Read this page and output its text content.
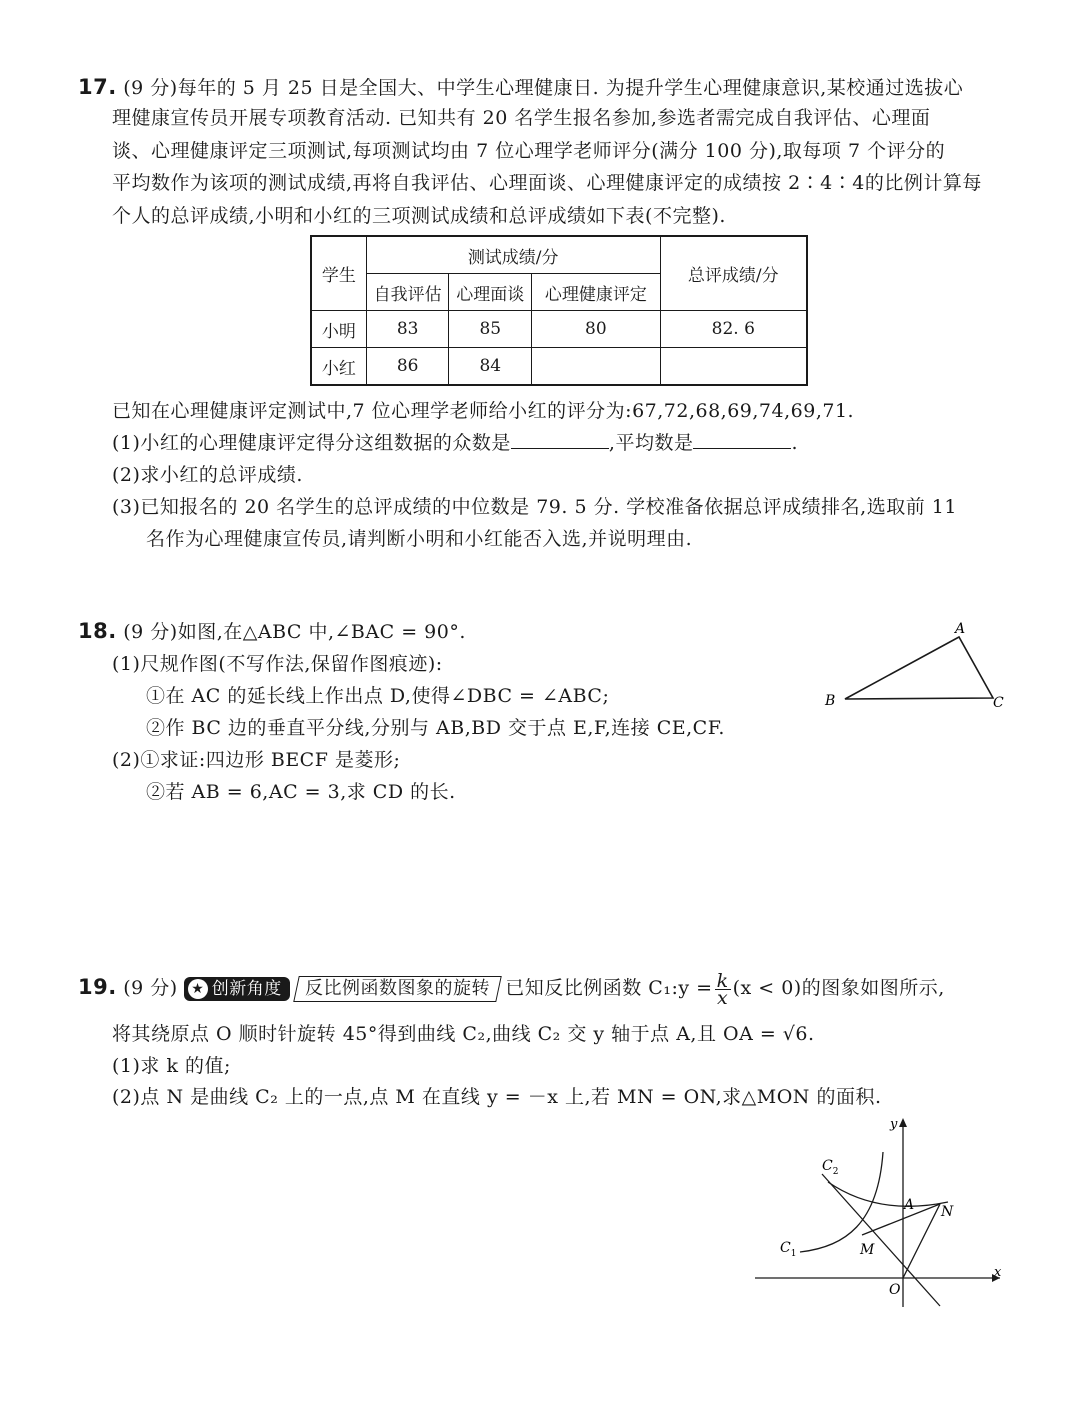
17. (9 分)每年的 5 月 25 日是全国大、中学生心理健康日. 为提升学生心理健康意识,某校通过选拔心
理健康宣传员开展专项教育活动. 已知共有 20 名学生报名参加,参选者需完成自我评估、心理面
谈、心理健康评定三项测试,每项测试均由 7 位心理学老师评分(满分 100 分),取每项 7 个评分的
平均数作为该项的测试成绩,再将自我评估、心理面谈、心理健康评定的成绩按 2∶4∶4的比例计算每
个人的总评成绩,小明和小红的三项测试成绩和总评成绩如下表(不完整).
学生	测试成绩/分			总评成绩/分
	自我评估	心理面谈	心理健康评定	
小明	83	85	80	82. 6
小红	86	84		
已知在心理健康评定测试中,7 位心理学老师给小红的评分为:67,72,68,69,74,69,71.
(1)小红的心理健康评定得分这组数据的众数是	,平均数是	.
(2)求小红的总评成绩.
(3)已知报名的 20 名学生的总评成绩的中位数是 79. 5 分. 学校准备依据总评成绩排名,选取前 11
名作为心理健康宣传员,请判断小明和小红能否入选,并说明理由.
18. (9 分)如图,在△ABC 中,∠BAC = 90°.
(1)尺规作图(不写作法,保留作图痕迹):
①在 AC 的延长线上作出点 D,使得∠DBC = ∠ABC;
②作 BC 边的垂直平分线,分别与 AB,BD 交于点 E,F,连接 CE,CF.
(2)①求证:四边形 BECF 是菱形;
②若 AB = 6,AC = 3,求 CD 的长.
A
B	C
19. (9 分) ★ 创新角度 反比例函数图象的旋转 已知反比例函数 C₁:y = $\frac{k}{x} (x < 0)$的图象如图所示,
将其绕原点 O 顺时针旋转 45°得到曲线 C₂,曲线 C₂ 交 y 轴于点 A,且 OA = √6.
(1)求 k 的值;
(2)点 N 是曲线 C₂ 上的一点,点 M 在直线 y = －x 上,若 MN = ON,求△MON 的面积.
y
x
O
A N
M
$C_1$
$C_2$
